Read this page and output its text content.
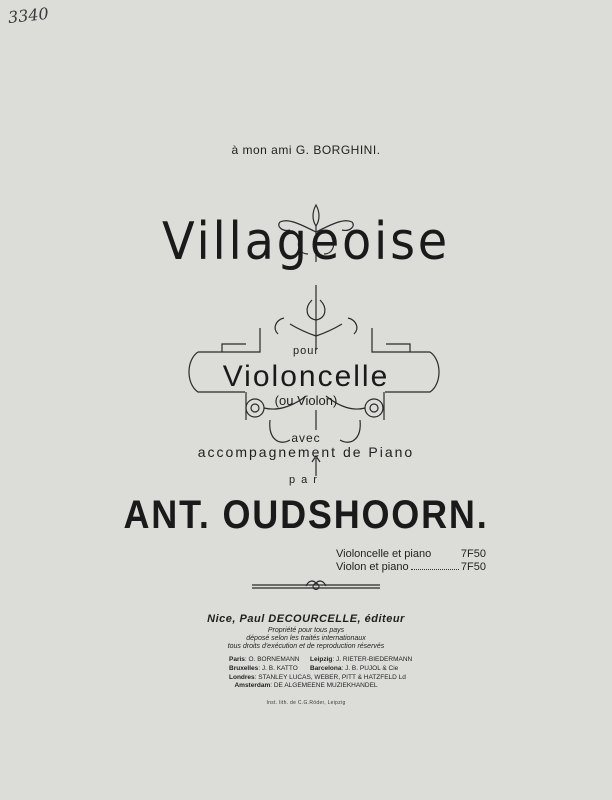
3340
à mon ami G. BORGHINI.
Villageoise
pour
Violoncelle
(ou Violon)
avec
accompagnement de Piano
par
ANT. OUDSHOORN.
Violoncelle et piano	7F50
Violon et piano	7F50
Nice, Paul DECOURCELLE, éditeur
Propriété pour tous pays
déposé selon les traités internationaux
tous droits d'exécution et de reproduction réservés
Paris: O. BORNEMANN	Leipzig: J. RIETER-BIEDERMANN
Bruxelles: J. B. KATTO	Barcelona: J. B. PUJOL & Cie
Londres: STANLEY LUCAS, WEBER, PITT & HATZFELD Ld
Amsterdam: DE ALGEMEENE MUZIEKHANDEL
Inst. lith. de C.G.Röder, Leipzig
